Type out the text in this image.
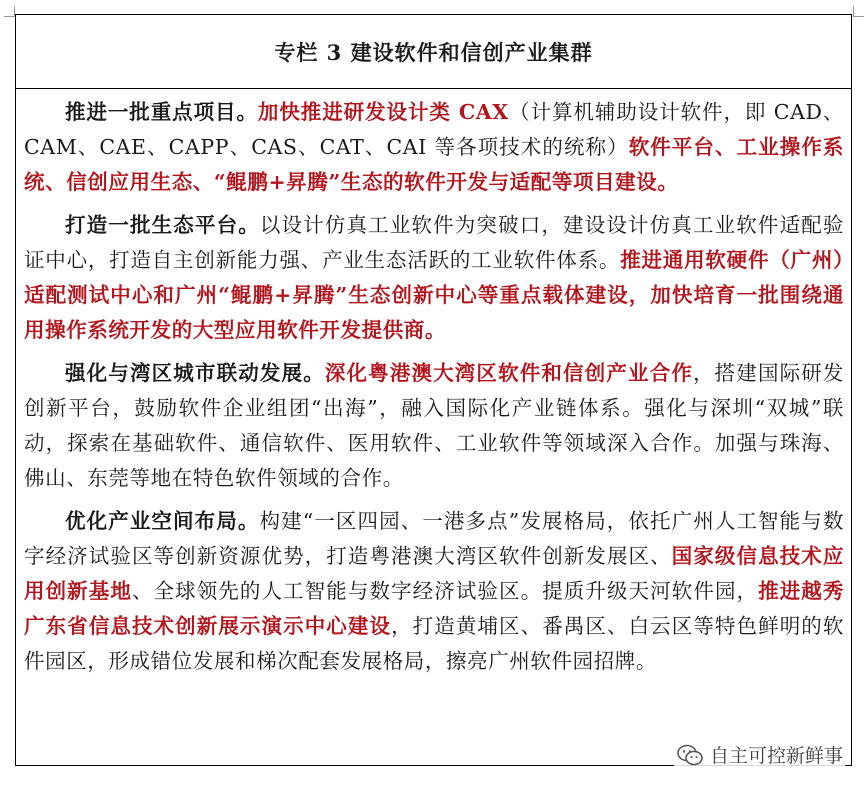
专栏 3 建设软件和信创产业集群

推进一批重点项目。加快推进研发设计类 CAX（计算机辅助设计软件，即 CAD、CAM、CAE、CAPP、CAS、CAT、CAI 等各项技术的统称）软件平台、工业操作系统、信创应用生态、“鲲鹏+昇腾”生态的软件开发与适配等项目建设。

打造一批生态平台。以设计仿真工业软件为突破口，建设设计仿真工业软件适配验证中心，打造自主创新能力强、产业生态活跃的工业软件体系。推进通用软硬件（广州）适配测试中心和广州“鲲鹏+昇腾”生态创新中心等重点载体建设，加快培育一批围绕通用操作系统开发的大型应用软件开发提供商。

强化与湾区城市联动发展。深化粤港澳大湾区软件和信创产业合作，搭建国际研发创新平台，鼓励软件企业组团“出海”，融入国际化产业链体系。强化与深圳“双城”联动，探索在基础软件、通信软件、医用软件、工业软件等领域深入合作。加强与珠海、佛山、东莞等地在特色软件领域的合作。

优化产业空间布局。构建“一区四园、一港多点”发展格局，依托广州人工智能与数字经济试验区等创新资源优势，打造粤港澳大湾区软件创新发展区、国家级信息技术应用创新基地、全球领先的人工智能与数字经济试验区。提质升级天河软件园，推进越秀广东省信息技术创新展示演示中心建设，打造黄埔区、番禺区、白云区等特色鲜明的软件园区，形成错位发展和梯次配套发展格局，擦亮广州软件园招牌。

自主可控新鲜事
